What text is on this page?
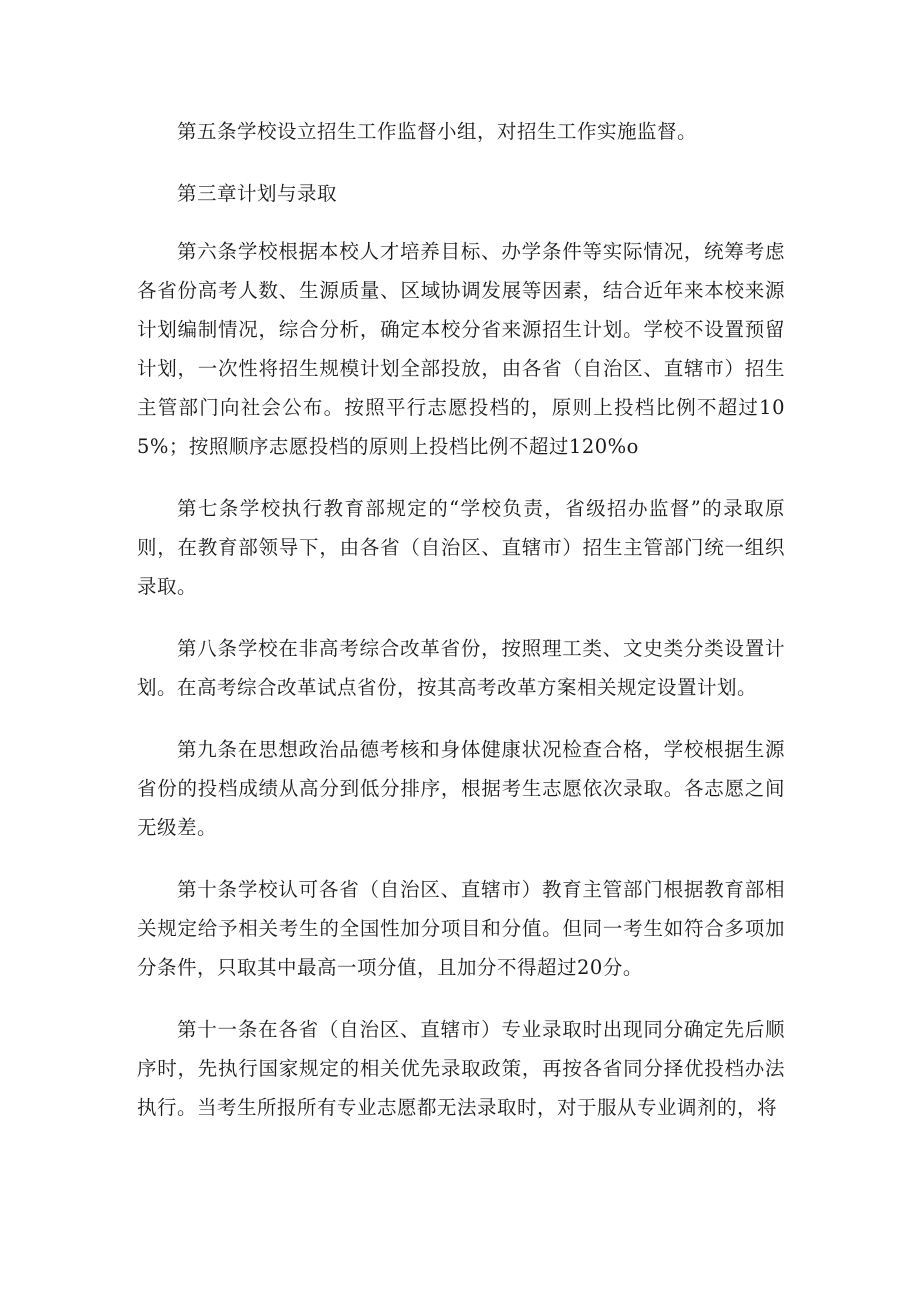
第五条学校设立招生工作监督小组，对招生工作实施监督。

第三章计划与录取

第六条学校根据本校人才培养目标、办学条件等实际情况，统筹考虑各省份高考人数、生源质量、区域协调发展等因素，结合近年来本校来源计划编制情况，综合分析，确定本校分省来源招生计划。学校不设置预留计划，一次性将招生规模计划全部投放，由各省（自治区、直辖市）招生主管部门向社会公布。按照平行志愿投档的，原则上投档比例不超过105%；按照顺序志愿投档的原则上投档比例不超过120%o

第七条学校执行教育部规定的“学校负责，省级招办监督”的录取原则，在教育部领导下，由各省（自治区、直辖市）招生主管部门统一组织录取。

第八条学校在非高考综合改革省份，按照理工类、文史类分类设置计划。在高考综合改革试点省份，按其高考改革方案相关规定设置计划。

第九条在思想政治品德考核和身体健康状况检查合格，学校根据生源省份的投档成绩从高分到低分排序，根据考生志愿依次录取。各志愿之间无级差。

第十条学校认可各省（自治区、直辖市）教育主管部门根据教育部相关规定给予相关考生的全国性加分项目和分值。但同一考生如符合多项加分条件，只取其中最高一项分值，且加分不得超过20分。

第十一条在各省（自治区、直辖市）专业录取时出现同分确定先后顺序时，先执行国家规定的相关优先录取政策，再按各省同分择优投档办法执行。当考生所报所有专业志愿都无法录取时，对于服从专业调剂的，将
